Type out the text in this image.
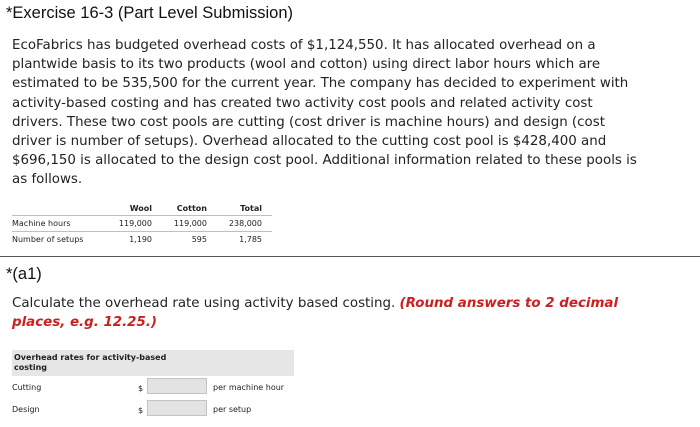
*Exercise 16-3 (Part Level Submission)
EcoFabrics has budgeted overhead costs of $1,124,550. It has allocated overhead on a
plantwide basis to its two products (wool and cotton) using direct labor hours which are
estimated to be 535,500 for the current year. The company has decided to experiment with
activity-based costing and has created two activity cost pools and related activity cost
drivers. These two cost pools are cutting (cost driver is machine hours) and design (cost
driver is number of setups). Overhead allocated to the cutting cost pool is $428,400 and
$696,150 is allocated to the design cost pool. Additional information related to these pools is
as follows.
	Wool	Cotton	Total
Machine hours	119,000	119,000	238,000
Number of setups	1,190	595	1,785
*(a1)
Calculate the overhead rate using activity based costing. (Round answers to 2 decimal
places, e.g. 12.25.)
Overhead rates for activity-based
costing
Cutting	$	per machine hour
Design	$	per setup
